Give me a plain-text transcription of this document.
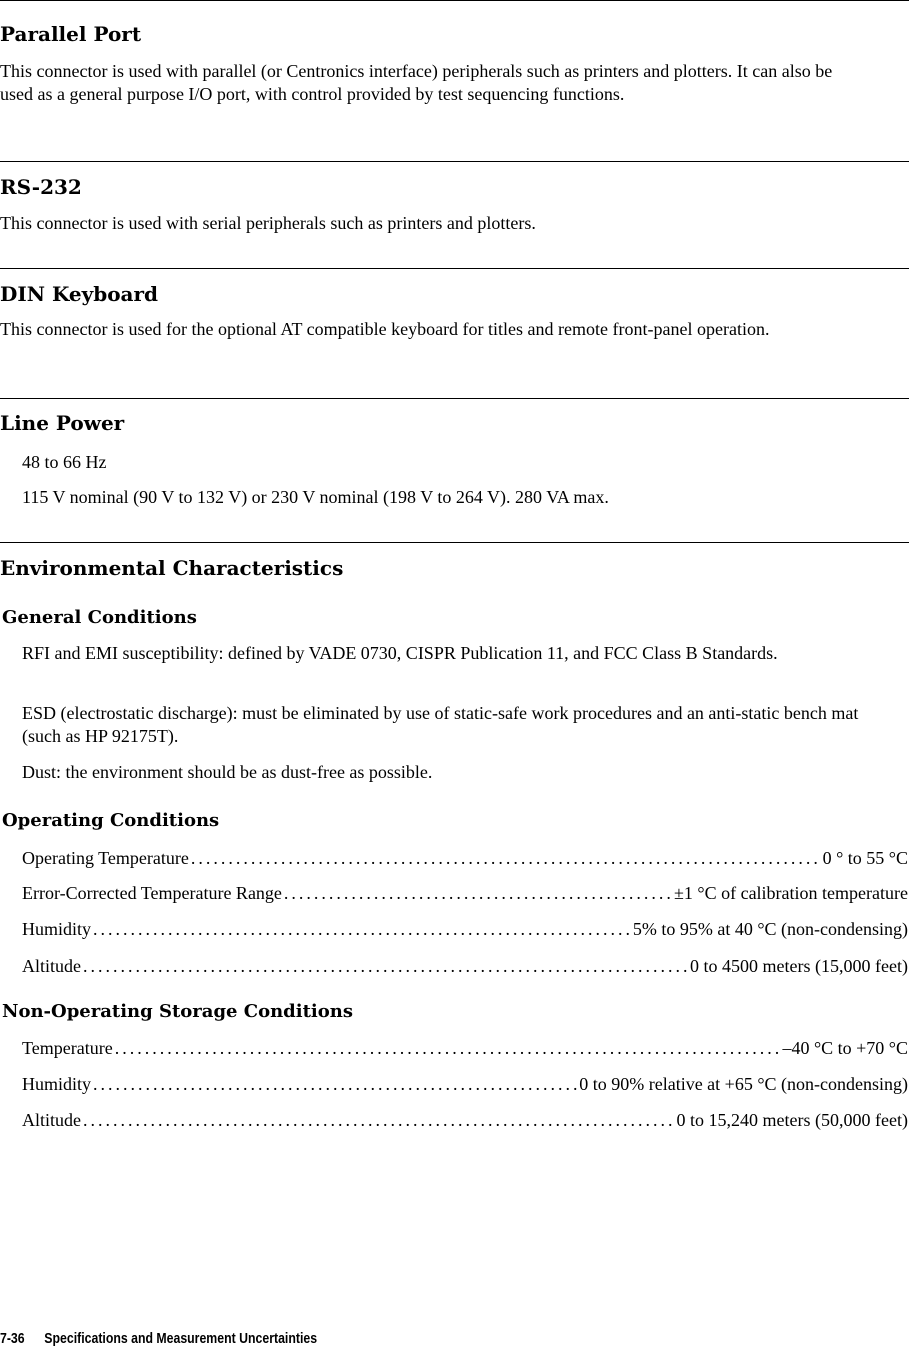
Parallel Port
This connector is used with parallel (or Centronics interface) peripherals such as printers and plotters. It can also be used as a general purpose I/O port, with control provided by test sequencing functions.
RS-232
This connector is used with serial peripherals such as printers and plotters.
DIN Keyboard
This connector is used for the optional AT compatible keyboard for titles and remote front-panel operation.
Line Power
48 to 66 Hz
115 V nominal (90 V to 132 V) or 230 V nominal (198 V to 264 V). 280 VA max.
Environmental Characteristics
General Conditions
RFI and EMI susceptibility: defined by VADE 0730, CISPR Publication 11, and FCC Class B Standards.
ESD (electrostatic discharge): must be eliminated by use of static-safe work procedures and an anti-static bench mat (such as HP 92175T).
Dust: the environment should be as dust-free as possible.
Operating Conditions
Operating Temperature .....	0 ° to 55 °C
Error-Corrected Temperature Range .....	±1 °C of calibration temperature
Humidity .....	5% to 95% at 40 °C (non-condensing)
Altitude .....	0 to 4500 meters (15,000 feet)
Non-Operating Storage Conditions
Temperature .....	–40 °C to +70 °C
Humidity .....	0 to 90% relative at +65 °C (non-condensing)
Altitude .....	0 to 15,240 meters (50,000 feet)
7-36 Specifications and Measurement Uncertainties
